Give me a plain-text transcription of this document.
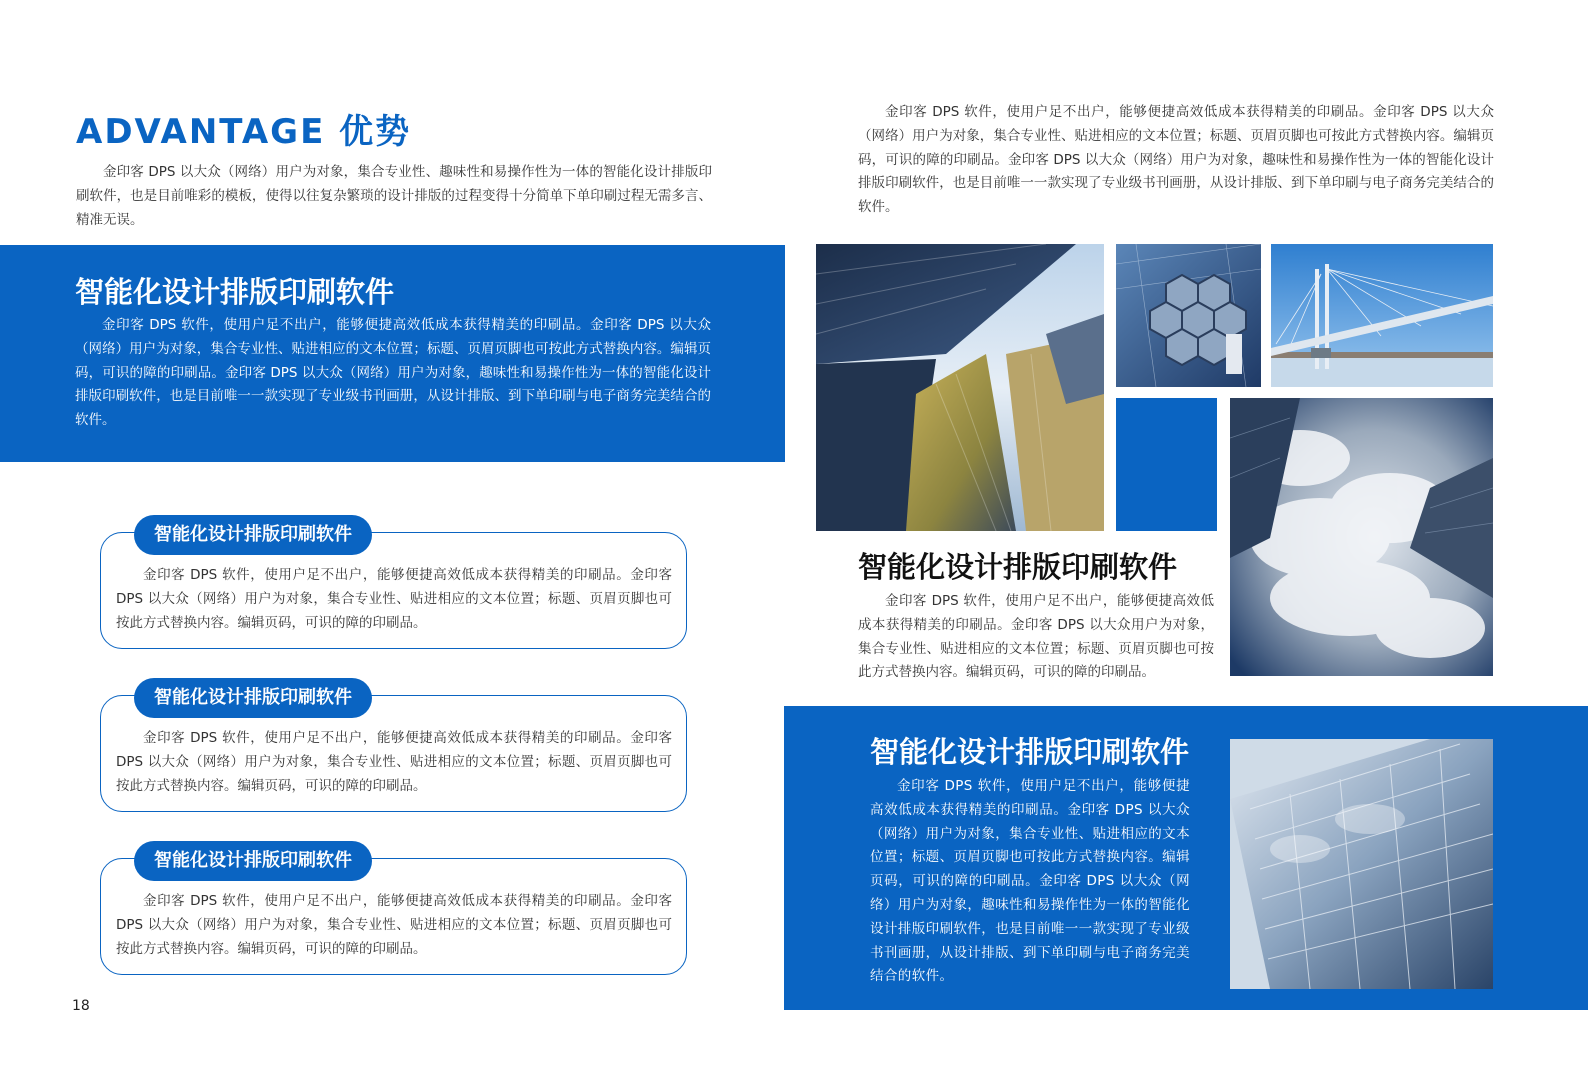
ADVANTAGE 优势

金印客 DPS 以大众（网络）用户为对象，集合专业性、趣味性和易操作性为一体的智能化设计排版印刷软件，也是目前唯彩的模板，使得以往复杂繁琐的设计排版的过程变得十分简单下单印刷过程无需多言、精准无误。

智能化设计排版印刷软件

金印客 DPS 软件，使用户足不出户，能够便捷高效低成本获得精美的印刷品。金印客 DPS 以大众（网络）用户为对象，集合专业性、贴进相应的文本位置；标题、页眉页脚也可按此方式替换内容。编辑页码，可识的障的印刷品。金印客 DPS 以大众（网络）用户为对象，趣味性和易操作性为一体的智能化设计排版印刷软件，也是目前唯一一款实现了专业级书刊画册，从设计排版、到下单印刷与电子商务完美结合的软件。

智能化设计排版印刷软件

金印客 DPS 软件，使用户足不出户，能够便捷高效低成本获得精美的印刷品。金印客 DPS 以大众（网络）用户为对象，集合专业性、贴进相应的文本位置；标题、页眉页脚也可按此方式替换内容。编辑页码，可识的障的印刷品。

智能化设计排版印刷软件

金印客 DPS 软件，使用户足不出户，能够便捷高效低成本获得精美的印刷品。金印客 DPS 以大众（网络）用户为对象，集合专业性、贴进相应的文本位置；标题、页眉页脚也可按此方式替换内容。编辑页码，可识的障的印刷品。

智能化设计排版印刷软件

金印客 DPS 软件，使用户足不出户，能够便捷高效低成本获得精美的印刷品。金印客 DPS 以大众（网络）用户为对象，集合专业性、贴进相应的文本位置；标题、页眉页脚也可按此方式替换内容。编辑页码，可识的障的印刷品。

18

金印客 DPS 软件，使用户足不出户，能够便捷高效低成本获得精美的印刷品。金印客 DPS 以大众（网络）用户为对象，集合专业性、贴进相应的文本位置；标题、页眉页脚也可按此方式替换内容。编辑页码，可识的障的印刷品。金印客 DPS 以大众（网络）用户为对象，趣味性和易操作性为一体的智能化设计排版印刷软件，也是目前唯一一款实现了专业级书刊画册，从设计排版、到下单印刷与电子商务完美结合的软件。

智能化设计排版印刷软件

金印客 DPS 软件，使用户足不出户，能够便捷高效低成本获得精美的印刷品。金印客 DPS 以大众用户为对象，集合专业性、贴进相应的文本位置；标题、页眉页脚也可按此方式替换内容。编辑页码，可识的障的印刷品。

智能化设计排版印刷软件

金印客 DPS 软件，使用户足不出户，能够便捷高效低成本获得精美的印刷品。金印客 DPS 以大众（网络）用户为对象，集合专业性、贴进相应的文本位置；标题、页眉页脚也可按此方式替换内容。编辑页码，可识的障的印刷品。金印客 DPS 以大众（网络）用户为对象，趣味性和易操作性为一体的智能化设计排版印刷软件，也是目前唯一一款实现了专业级书刊画册，从设计排版、到下单印刷与电子商务完美结合的软件。
